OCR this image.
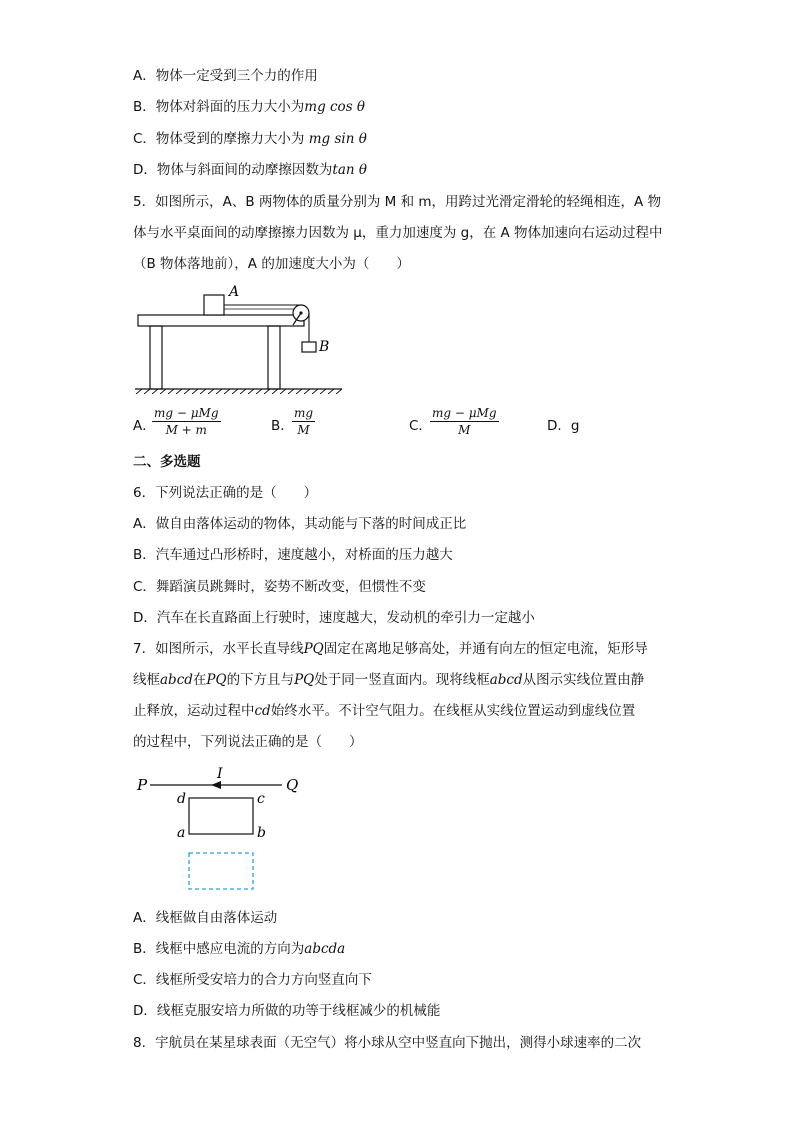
A．物体一定受到三个力的作用
B．物体对斜面的压力大小为mg cos θ
C．物体受到的摩擦力大小为 mg sin θ
D．物体与斜面间的动摩擦因数为tan θ
5．如图所示，A、B 两物体的质量分别为 M 和 m，用跨过光滑定滑轮的轻绳相连，A 物
体与水平桌面间的动摩擦擦力因数为 μ，重力加速度为 g，在 A 物体加速向右运动过程中
（B 物体落地前），A 的加速度大小为（　　）
A
B
A．
mg − μMg
M + m	B．
$\frac{mg}{M}$	C．
mg − μMg
M	D．g
二、多选题
6．下列说法正确的是（　　）
A．做自由落体运动的物体，其动能与下落的时间成正比
B．汽车通过凸形桥时，速度越小，对桥面的压力越大
C．舞蹈演员跳舞时，姿势不断改变，但惯性不变
D．汽车在长直路面上行驶时，速度越大，发动机的牵引力一定越小
7．如图所示，水平长直导线PQ固定在离地足够高处，并通有向左的恒定电流，矩形导
线框abcd在PQ的下方且与PQ处于同一竖直面内。现将线框abcd从图示实线位置由静
止释放，运动过程中cd始终水平。不计空气阻力。在线框从实线位置运动到虚线位置
的过程中，下列说法正确的是（　　）
P
I
Q
d	c
a	b
A．线框做自由落体运动
B．线框中感应电流的方向为abcda
C．线框所受安培力的合力方向竖直向下
D．线框克服安培力所做的功等于线框减少的机械能
8．宇航员在某星球表面（无空气）将小球从空中竖直向下抛出，测得小球速率的二次
